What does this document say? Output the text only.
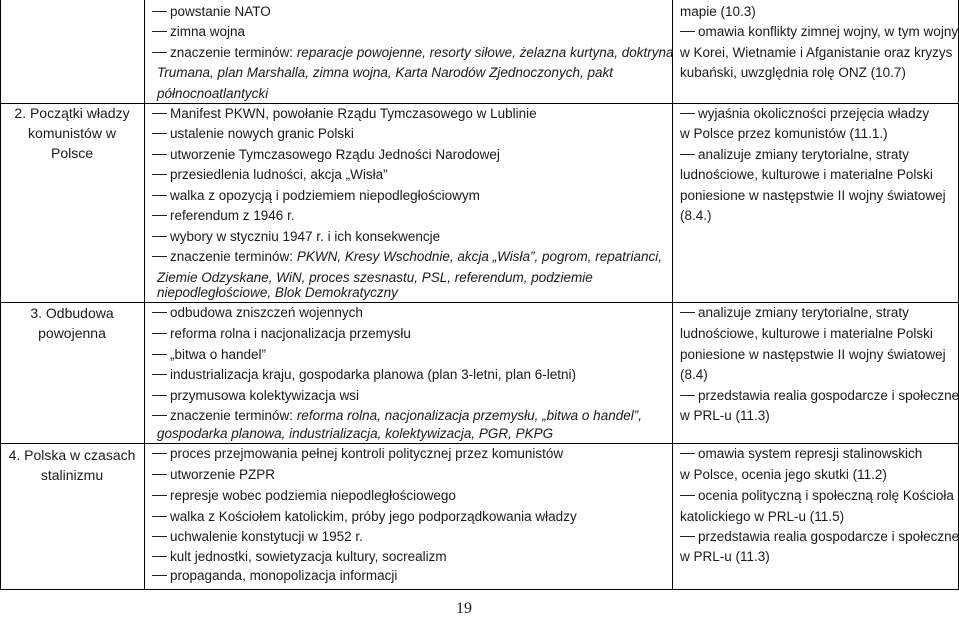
powstanie NATO
zimna wojna
znaczenie terminów: reparacje powojenne, resorty siłowe, żelazna kurtyna, doktryna
Trumana, plan Marshalla, zimna wojna, Karta Narodów Zjednoczonych, pakt
północnoatlantycki
mapie (10.3)
omawia konflikty zimnej wojny, w tym wojny
w Korei, Wietnamie i Afganistanie oraz kryzys
kubański, uwzględnia rolę ONZ (10.7)
2. Początki władzy komunistów w Polsce
Manifest PKWN, powołanie Rządu Tymczasowego w Lublinie
ustalenie nowych granic Polski
utworzenie Tymczasowego Rządu Jedności Narodowej
przesiedlenia ludności, akcja „Wisła”
walka z opozycją i podziemiem niepodległościowym
referendum z 1946 r.
wybory w styczniu 1947 r. i ich konsekwencje
znaczenie terminów: PKWN, Kresy Wschodnie, akcja „Wisła”, pogrom, repatrianci,
Ziemie Odzyskane, WiN, proces szesnastu, PSL, referendum, podziemie
niepodległościowe, Blok Demokratyczny
wyjaśnia okoliczności przejęcia władzy
w Polsce przez komunistów (11.1.)
analizuje zmiany terytorialne, straty
ludnościowe, kulturowe i materialne Polski
poniesione w następstwie II wojny światowej
(8.4.)
3. Odbudowa powojenna
odbudowa zniszczeń wojennych
reforma rolna i nacjonalizacja przemysłu
„bitwa o handel”
industrializacja kraju, gospodarka planowa (plan 3-letni, plan 6-letni)
przymusowa kolektywizacja wsi
znaczenie terminów: reforma rolna, nacjonalizacja przemysłu, „bitwa o handel”,
gospodarka planowa, industrializacja, kolektywizacja, PGR, PKPG
analizuje zmiany terytorialne, straty
ludnościowe, kulturowe i materialne Polski
poniesione w następstwie II wojny światowej
(8.4)
przedstawia realia gospodarcze i społeczne
w PRL-u (11.3)
4. Polska w czasach stalinizmu
proces przejmowania pełnej kontroli politycznej przez komunistów
utworzenie PZPR
represje wobec podziemia niepodległościowego
walka z Kościołem katolickim, próby jego podporządkowania władzy
uchwalenie konstytucji w 1952 r.
kult jednostki, sowietyzacja kultury, socrealizm
propaganda, monopolizacja informacji
omawia system represji stalinowskich
w Polsce, ocenia jego skutki (11.2)
ocenia polityczną i społeczną rolę Kościoła
katolickiego w PRL-u (11.5)
przedstawia realia gospodarcze i społeczne
w PRL-u (11.3)
19
